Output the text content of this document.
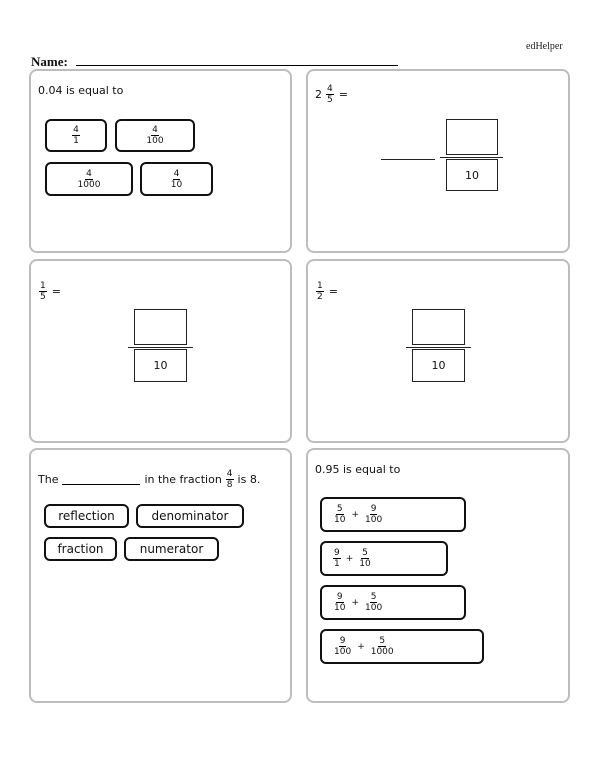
edHelper
Name:
0.04 is equal to
$\frac{4}{1}$	$\frac{4}{100}$
$\frac{4}{1000}$	$\frac{4}{10}$
$2 \frac{4}{5}$ =
10
$\frac{1}{5}$ =
10
$\frac{1}{2}$ =
10
The	in the fraction $\frac{4}{8}$ is 8.
reflection	denominator
fraction	numerator
0.95 is equal to
$\frac{5}{10} + \frac{9}{100}$
$\frac{9}{1} + \frac{5}{10}$
$\frac{9}{10} + \frac{5}{100}$
$\frac{9}{100} + \frac{5}{1000}$
